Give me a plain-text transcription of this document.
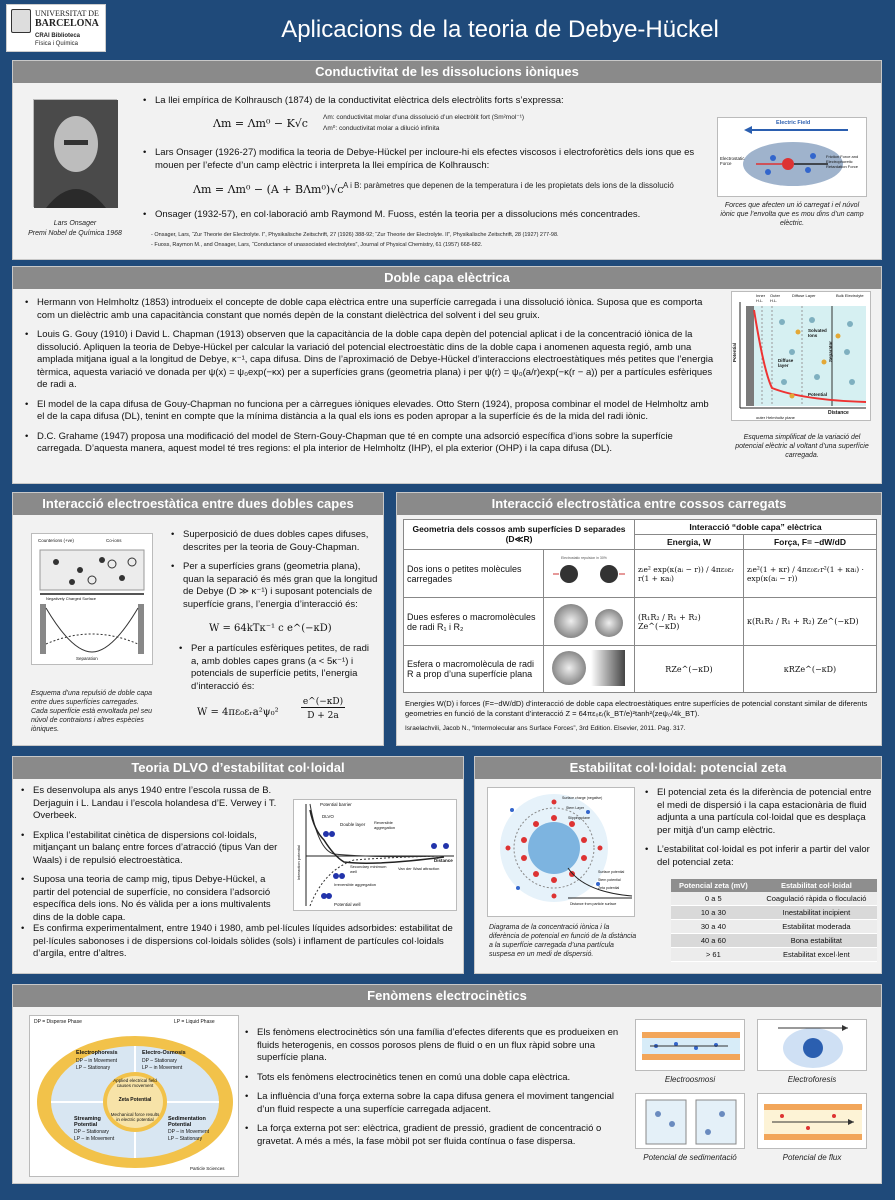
UNIVERSITAT DE
BARCELONA
CRAI Biblioteca
Física i Química
Aplicacions de la teoria de Debye-Hückel
Conductivitat de les dissolucions iòniques
Lars Onsager
Premi Nobel de Química 1968
• La llei empírica de Kolhrausch (1874) de la conductivitat elèctrica dels electròlits forts s’expressa:
Λm = Λm⁰ − K√c Λm: conductivitat molar d’una dissolució d’un electròlit fort (Sm²mol⁻¹)
Λm⁰: conductivitat molar a dilució infinita
• Lars Onsager (1926-27) modifica la teoria de Debye-Hückel per incloure-hi els efectes viscosos i electroforètics dels ions que es mouen per l’efecte d’un camp elèctric i interpreta la llei empírica de Kolhrausch:
Λm = Λm⁰ − (A + BΛm⁰)√c A i B: paràmetres que depenen de la temperatura i de les propietats dels ions de la dissolució
• Onsager (1932-57), en col·laboració amb Raymond M. Fuoss, estén la teoria per a dissolucions més concentrades.
- Onsager, Lars, “Zur Theorie der Electrolyte. I”, Physikalische Zeitschrift, 27 (1926) 388-92; “Zur Theorie der Electrolyte. II”, Physikalische Zeitschrift, 28 (1927) 277-98.
- Fuoss, Raymon M., and Onsager, Lars, “Conductance of unassociated electrolytes”, Journal of Physical Chemistry, 61 (1957) 668-682.
Electric Field
Electrostatic Force
Friction Force and Electrophoretic Retardation Force
Forces que afecten un ió carregat i el núvol iònic que l’envolta que es mou dins d’un camp elèctric.
Doble capa elèctrica
• Hermann von Helmholtz (1853) introdueix el concepte de doble capa elèctrica entre una superfície carregada i una dissolució iònica. Suposa que es comporta com un dielèctric amb una capacitància constant que només depèn de la constant dielèctrica del solvent i del seu gruix.
• Louis G. Gouy (1910) i David L. Chapman (1913) observen que la capacitància de la doble capa depèn del potencial aplicat i de la concentració iònica de la dissolució. Apliquen la teoria de Debye-Hückel per calcular la variació del potencial electroestàtic dins de la doble capa i anomenen aquesta regió, amb una amplada mitjana igual a la longitud de Debye, κ⁻¹, capa difusa. Dins de l’aproximació de Debye-Hückel d’interaccions electroestàtiques més petites que l’energia tèrmica, aquesta variació ve donada per ψ(x) = ψ₀exp(−κx) per a superfícies grans (geometria plana) i per ψ(r) = ψ₀(a/r)exp(−κ(r − a)) per a partícules esfèriques de radi a.
• El model de la capa difusa de Gouy-Chapman no funciona per a càrregues iòniques elevades. Otto Stern (1924), proposa combinar el model de Helmholtz amb el de la capa difusa (DL), tenint en compte que la mínima distància a la qual els ions es poden apropar a la superfície és de la mida del radi iònic.
• D.C. Grahame (1947) proposa una modificació del model de Stern-Gouy-Chapman que té en compte una adsorció específica d’ions sobre la superfície carregada. D’aquesta manera, aquest model té tres regions: el pla interior de Helmholtz (IHP), el pla exterior (OHP) i la capa difusa (DL).
Inner H.L.
Outer H.L.
Diffuse Layer	Bulk Electrolyte
Solvated Ions
Diffuse layer
Potential
Separator
Distance
outer Helmholtz plane
Potential
Esquema simplificat de la variació del potencial elèctric al voltant d’una superfície carregada.
Interacció electroestàtica entre dues dobles capes
Counterions (+ve)	Co-ions
Negatively Charged Surface
Separation
Esquema d’una repulsió de doble capa entre dues superfícies carregades. Cada superfície està envoltada pel seu núvol de contraions i altres espècies iòniques.
• Superposició de dues dobles capes difuses, descrites per la teoria de Gouy-Chapman.
• Per a superfícies grans (geometria plana), quan la separació és més gran que la longitud de Debye (D ≫ κ⁻¹) i suposant potencials de superfície grans, l’energia d’interacció és:
W = 64kTκ⁻¹ c e^(−κD)
• Per a partícules esfèriques petites, de radi a, amb dobles capes grans (a < 5κ⁻¹) i potencials de superfície petits, l’energia d’interacció és:
W = 4πε₀εᵣa²ψ₀²
e^(−κD)
D + 2a
Interacció electrostàtica entre cossos carregats
Geometria dels cossos amb superfícies D separades (D≪R)		Interacció “doble capa” elèctrica	
		Energia, W	Força, F= –dW/dD
Dos ions o petites molècules carregades	Electrostatic repulsion in 30%	zᵢe² exp(κ(aᵢ − r)) / 4πε₀εᵣ r(1 + κaᵢ)	zᵢe²(1 + κr) / 4πε₀εᵣr²(1 + κaᵢ) · exp(κ(aᵢ − r))
Dues esferes o macromolècules de radi R₁ i R₂		(R₁R₂ / R₁ + R₂) Ze^(−κD)	κ(R₁R₂ / R₁ + R₂) Ze^(−κD)
Esfera o macromolècula de radi R a prop d’una superfície plana		RZe^(−κD)	κRZe^(−κD)
Energies W(D) i forces (F=−dW/dD) d’interacció de doble capa electroestàtiques entre superfícies de potencial constant similar de diferents geometries en funció de la constant d’interacció Z = 64πε₀εᵣ(k_BT/e)²tanh²(zeψ₀/4k_BT).
Israelachvili, Jacob N., “Intermolecular ans Surface Forces”, 3rd Edition. Elsevier, 2011. Pag. 317.
Teoria DLVO d’estabilitat col·loidal
• Es desenvolupa als anys 1940 entre l’escola russa de B. Derjaguin i L. Landau i l’escola holandesa d’E. Verwey i T. Overbeek.
• Explica l’estabilitat cinètica de dispersions col·loidals, mitjançant un balanç entre forces d’atracció (tipus Van der Waals) i de repulsió electroestàtica.
• Suposa una teoria de camp mig, tipus Debye-Hückel, a partir del potencial de superfície, no considera l’adsorció específica dels ions. No és vàlida per a ions multivalents dins de la doble capa.
• Es confirma experimentalment, entre 1940 i 1980, amb pel·lícules líquides adsorbides: estabilitat de pel·lícules sabonoses i de dispersions col·loidals sòlides (sols) i inflament de partícules col·loidals d’argila, entre d’altres.
Potential barrier
DLVO
Double layer Reversible aggregation
Van der Waal attraction
Secondary minimum well
Irreversible aggregation
Potential well
Distance
Interaction potential
Estabilitat col·loidal: potencial zeta
Surface charge (negative)
Stern Layer
Slipping plane
Surface potential
Stern potential
Zeta potential
Distance from particle surface
Diagrama de la concentració iònica i la diferència de potencial en funció de la distància a la superfície carregada d’una partícula suspesa en un medi de dispersió.
• El potencial zeta és la diferència de potencial entre el medi de dispersió i la capa estacionària de fluid adjunta a una partícula col·loidal que es desplaça per mitjà d’un camp elèctric.
• L’estabilitat col·loidal es pot inferir a partir del valor del potencial zeta:
Potencial zeta (mV)	Estabilitat col·loidal
0 a 5	Coagulació ràpida o floculació
10 a 30	Inestabilitat incipient
30 a 40	Estabilitat moderada
40 a 60	Bona estabilitat
> 61	Estabilitat excel·lent
Fenòmens electrocinètics
DP = Disperse Phase	LP = Liquid Phase
Electrophoresis
DP – in Movement
LP – Stationary
Electro-Osmosis
DP – Stationary
LP – in Movement
Applied electrical field causes movement
Zeta Potential
Mechanical force results in electric potential
Streaming Potential
DP – Stationary
LP – in Movement
Sedimentation Potential
DP – in Movement
LP – Stationary
Particle Sciences
• Els fenòmens electrocinètics són una família d’efectes diferents que es produeixen en fluids heterogenis, en cossos porosos plens de fluid o en un flux ràpid sobre una superfície plana.
• Tots els fenòmens electrocinètics tenen en comú una doble capa elèctrica.
• La influència d’una força externa sobre la capa difusa genera el moviment tangencial d’un fluid respecte a una superfície carregada adjacent.
• La força externa pot ser: elèctrica, gradient de pressió, gradient de concentració o gravetat. A més a més, la fase mòbil pot ser fluida contínua o fase dispersa.
Electroosmosi	Electroforesis
Potencial de sedimentació	Potencial de flux
